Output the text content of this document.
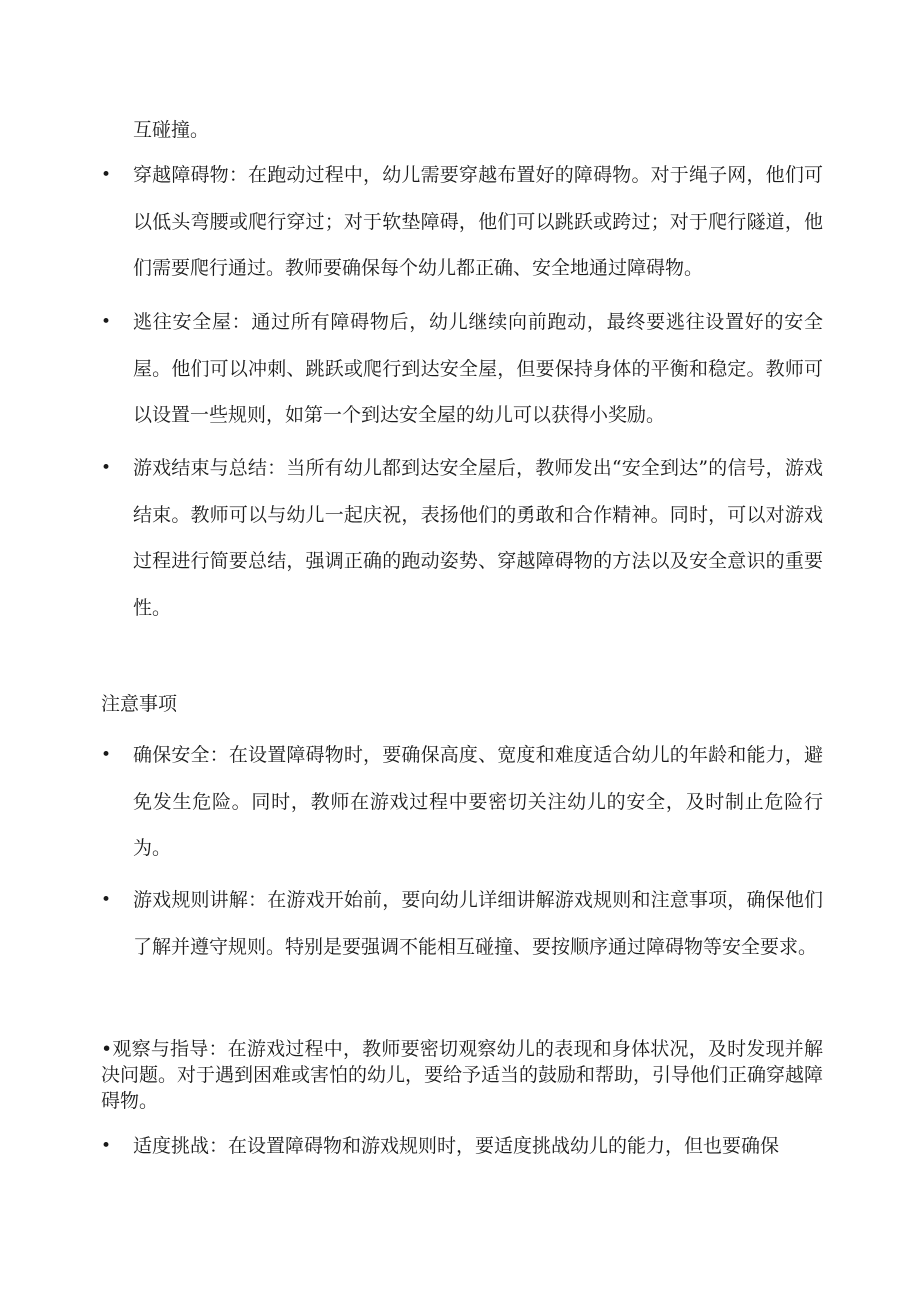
互碰撞。
• 穿越障碍物：在跑动过程中，幼儿需要穿越布置好的障碍物。对于绳子网，他们可以低头弯腰或爬行穿过；对于软垫障碍，他们可以跳跃或跨过；对于爬行隧道，他们需要爬行通过。教师要确保每个幼儿都正确、安全地通过障碍物。
• 逃往安全屋：通过所有障碍物后，幼儿继续向前跑动，最终要逃往设置好的安全屋。他们可以冲刺、跳跃或爬行到达安全屋，但要保持身体的平衡和稳定。教师可以设置一些规则，如第一个到达安全屋的幼儿可以获得小奖励。
• 游戏结束与总结：当所有幼儿都到达安全屋后，教师发出“安全到达”的信号，游戏结束。教师可以与幼儿一起庆祝，表扬他们的勇敢和合作精神。同时，可以对游戏过程进行简要总结，强调正确的跑动姿势、穿越障碍物的方法以及安全意识的重要性。
注意事项
• 确保安全：在设置障碍物时，要确保高度、宽度和难度适合幼儿的年龄和能力，避免发生危险。同时，教师在游戏过程中要密切关注幼儿的安全，及时制止危险行为。
• 游戏规则讲解：在游戏开始前，要向幼儿详细讲解游戏规则和注意事项，确保他们了解并遵守规则。特别是要强调不能相互碰撞、要按顺序通过障碍物等安全要求。
•观察与指导：在游戏过程中，教师要密切观察幼儿的表现和身体状况，及时发现并解决问题。对于遇到困难或害怕的幼儿，要给予适当的鼓励和帮助，引导他们正确穿越障碍物。
• 适度挑战：在设置障碍物和游戏规则时，要适度挑战幼儿的能力，但也要确保
